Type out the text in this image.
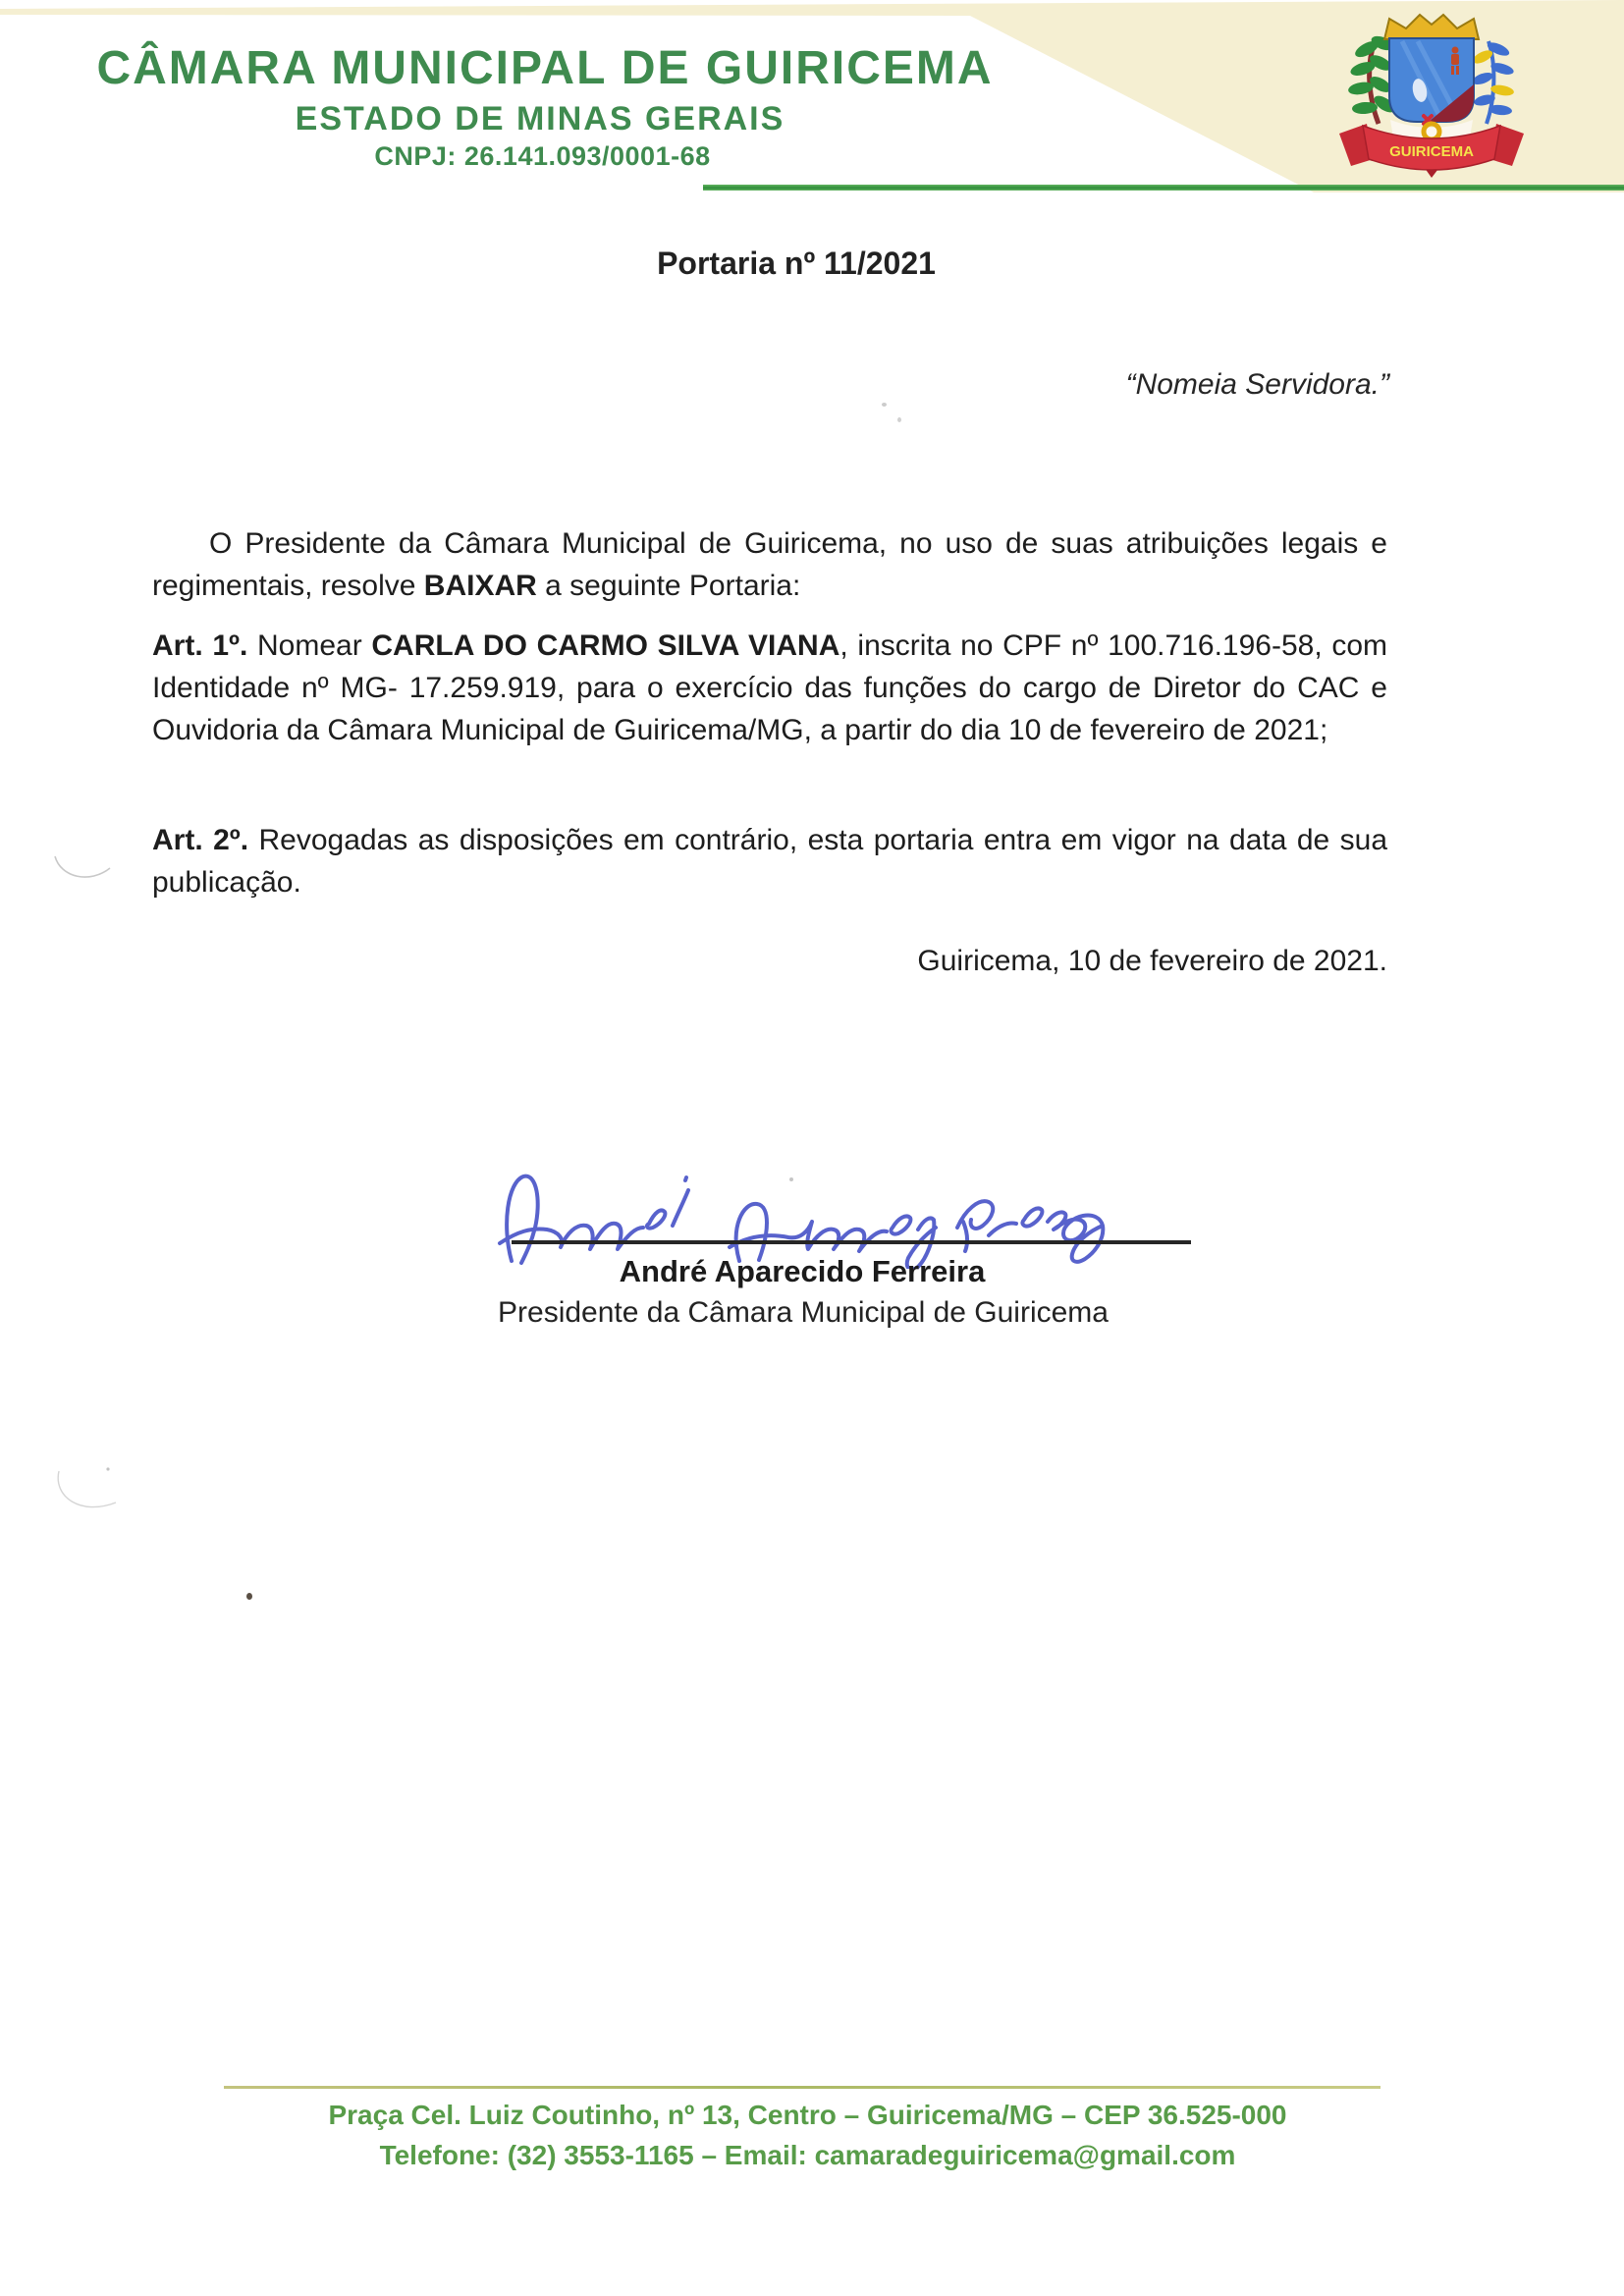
CÂMARA MUNICIPAL DE GUIRICEMA
ESTADO DE MINAS GERAIS
CNPJ: 26.141.093/0001-68	GUIRICEMA
Portaria nº 11/2021
“Nomeia Servidora.”

O Presidente da Câmara Municipal de Guiricema, no uso de suas atribuições legais e regimentais, resolve BAIXAR a seguinte Portaria:

Art. 1º. Nomear CARLA DO CARMO SILVA VIANA, inscrita no CPF nº 100.716.196-58, com Identidade nº MG- 17.259.919, para o exercício das funções do cargo de Diretor do CAC e Ouvidoria da Câmara Municipal de Guiricema/MG, a partir do dia 10 de fevereiro de 2021;

Art. 2º. Revogadas as disposições em contrário, esta portaria entra em vigor na data de sua publicação.

Guiricema, 10 de fevereiro de 2021.
André Aparecido Ferreira
Presidente da Câmara Municipal de Guiricema
Praça Cel. Luiz Coutinho, nº 13, Centro – Guiricema/MG – CEP 36.525-000
Telefone: (32) 3553-1165 – Email: camaradeguiricema@gmail.com
